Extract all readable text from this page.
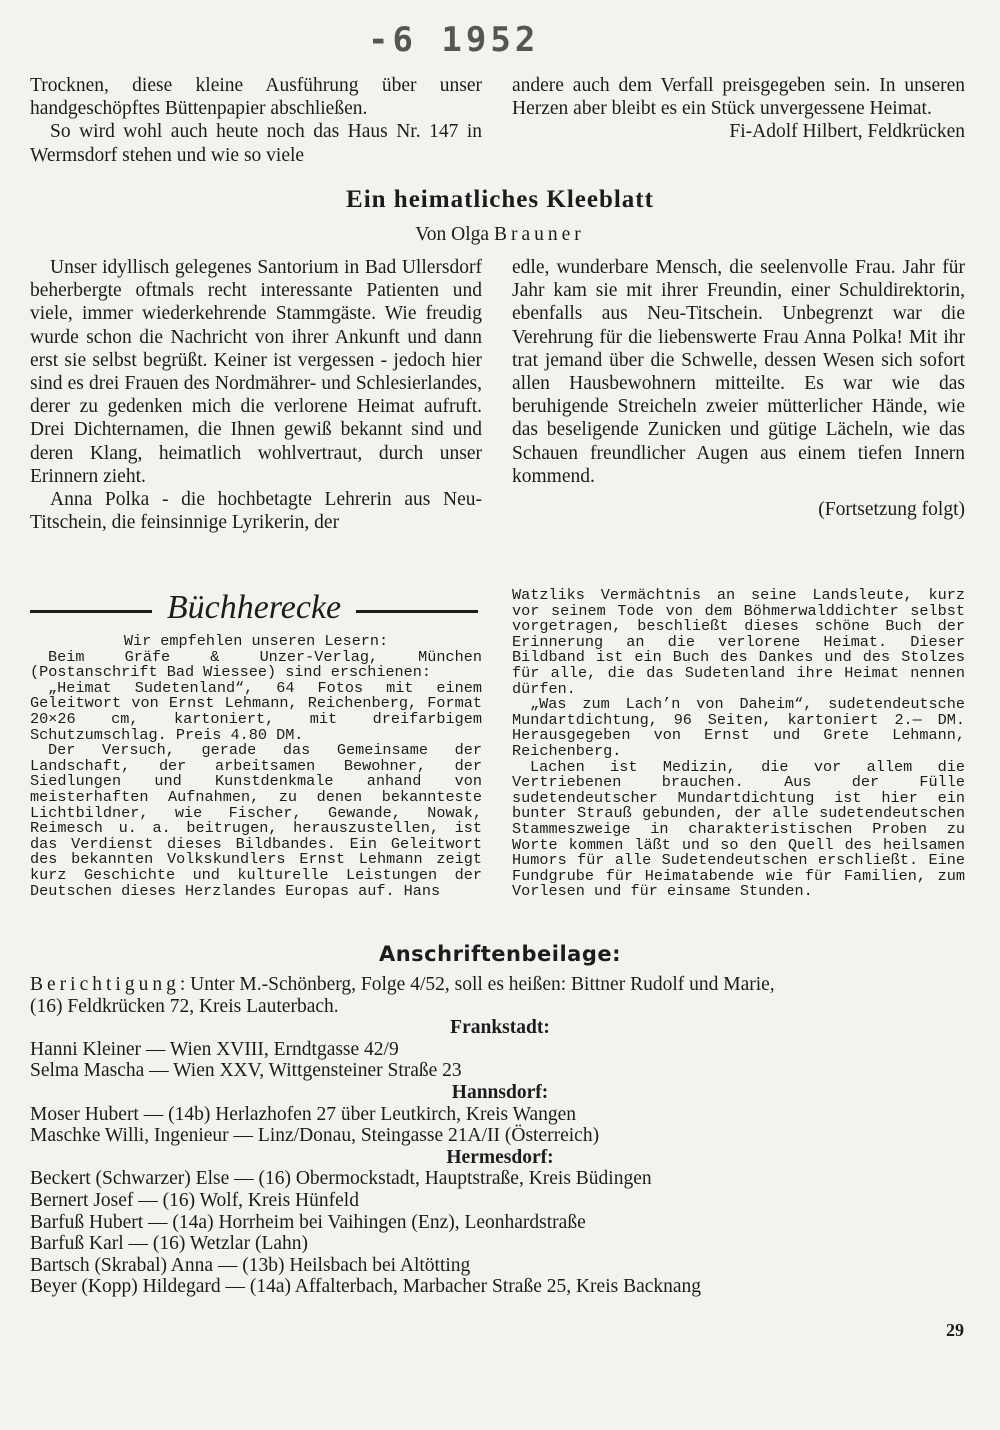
-6 1952

Trocknen, diese kleine Ausführung über unser handgeschöpftes Büttenpapier abschließen.

So wird wohl auch heute noch das Haus Nr. 147 in Wermsdorf stehen und wie so viele

andere auch dem Verfall preisgegeben sein. In unseren Herzen aber bleibt es ein Stück unvergessene Heimat.

Fi-Adolf Hilbert, Feldkrücken

Ein heimatliches Kleeblatt
Von Olga Brauner

Unser idyllisch gelegenes Santorium in Bad Ullersdorf beherbergte oftmals recht interessante Patienten und viele, immer wiederkehrende Stammgäste. Wie freudig wurde schon die Nachricht von ihrer Ankunft und dann erst sie selbst begrüßt. Keiner ist vergessen - jedoch hier sind es drei Frauen des Nordmährer- und Schlesierlandes, derer zu gedenken mich die verlorene Heimat aufruft. Drei Dichternamen, die Ihnen gewiß bekannt sind und deren Klang, heimatlich wohlvertraut, durch unser Erinnern zieht.

Anna Polka - die hochbetagte Lehrerin aus Neu-Titschein, die feinsinnige Lyrikerin, der

edle, wunderbare Mensch, die seelenvolle Frau. Jahr für Jahr kam sie mit ihrer Freundin, einer Schuldirektorin, ebenfalls aus Neu-Titschein. Unbegrenzt war die Verehrung für die liebenswerte Frau Anna Polka! Mit ihr trat jemand über die Schwelle, dessen Wesen sich sofort allen Hausbewohnern mitteilte. Es war wie das beruhigende Streicheln zweier mütterlicher Hände, wie das beseligende Zunicken und gütige Lächeln, wie das Schauen freundlicher Augen aus einem tiefen Innern kommend.

(Fortsetzung folgt)

Büchherecke

Wir empfehlen unseren Lesern:

Beim Gräfe & Unzer-Verlag, München (Postanschrift Bad Wiessee) sind erschienen:

„Heimat Sudetenland“, 64 Fotos mit einem Geleitwort von Ernst Lehmann, Reichenberg, Format 20×26 cm, kartoniert, mit dreifarbigem Schutzumschlag. Preis 4.80 DM.

Der Versuch, gerade das Gemeinsame der Landschaft, der arbeitsamen Bewohner, der Siedlungen und Kunstdenkmale anhand von meisterhaften Aufnahmen, zu denen bekannteste Lichtbildner, wie Fischer, Gewande, Nowak, Reimesch u. a. beitrugen, herauszustellen, ist das Verdienst dieses Bildbandes. Ein Geleitwort des bekannten Volkskundlers Ernst Lehmann zeigt kurz Geschichte und kulturelle Leistungen der Deutschen dieses Herzlandes Europas auf. Hans

Watzliks Vermächtnis an seine Landsleute, kurz vor seinem Tode von dem Böhmerwalddichter selbst vorgetragen, beschließt dieses schöne Buch der Erinnerung an die verlorene Heimat. Dieser Bildband ist ein Buch des Dankes und des Stolzes für alle, die das Sudetenland ihre Heimat nennen dürfen.

„Was zum Lach’n von Daheim“, sudetendeutsche Mundartdichtung, 96 Seiten, kartoniert 2.— DM. Herausgegeben von Ernst und Grete Lehmann, Reichenberg.

Lachen ist Medizin, die vor allem die Vertriebenen brauchen. Aus der Fülle sudetendeutscher Mundartdichtung ist hier ein bunter Strauß gebunden, der alle sudetendeutschen Stammeszweige in charakteristischen Proben zu Worte kommen läßt und so den Quell des heilsamen Humors für alle Sudetendeutschen erschließt. Eine Fundgrube für Heimatabende wie für Familien, zum Vorlesen und für einsame Stunden.

Anschriftenbeilage:
Berichtigung: Unter M.-Schönberg, Folge 4/52, soll es heißen: Bittner Rudolf und Marie,
(16) Feldkrücken 72, Kreis Lauterbach.
Frankstadt:
Hanni Kleiner — Wien XVIII, Erndtgasse 42/9
Selma Mascha — Wien XXV, Wittgensteiner Straße 23
Hannsdorf:
Moser Hubert — (14b) Herlazhofen 27 über Leutkirch, Kreis Wangen
Maschke Willi, Ingenieur — Linz/Donau, Steingasse 21A/II (Österreich)
Hermesdorf:
Beckert (Schwarzer) Else — (16) Obermockstadt, Hauptstraße, Kreis Büdingen
Bernert Josef — (16) Wolf, Kreis Hünfeld
Barfuß Hubert — (14a) Horrheim bei Vaihingen (Enz), Leonhardstraße
Barfuß Karl — (16) Wetzlar (Lahn)
Bartsch (Skrabal) Anna — (13b) Heilsbach bei Altötting
Beyer (Kopp) Hildegard — (14a) Affalterbach, Marbacher Straße 25, Kreis Backnang
29
